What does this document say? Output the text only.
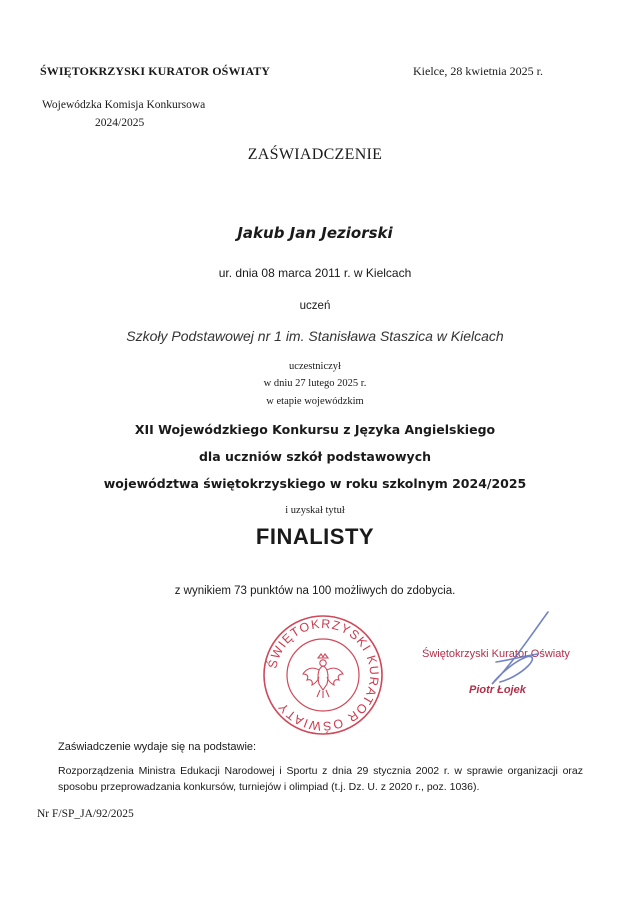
ŚWIĘTOKRZYSKI KURATOR OŚWIATY	Kielce, 28 kwietnia 2025 r.
Wojewódzka Komisja Konkursowa
2024/2025
ZAŚWIADCZENIE
Jakub Jan Jeziorski
ur. dnia 08 marca 2011 r. w Kielcach
uczeń
Szkoły Podstawowej nr 1 im. Stanisława Staszica w Kielcach
uczestniczył
w dniu 27 lutego 2025 r.
w etapie wojewódzkim
XII Wojewódzkiego Konkursu z Języka Angielskiego
dla uczniów szkół podstawowych
województwa świętokrzyskiego w roku szkolnym 2024/2025
i uzyskał tytuł
FINALISTY
z wynikiem 73 punktów na 100 możliwych do zdobycia.
ŚWIĘTOKRZYSKI KURATOR OŚWIATY
Świętokrzyski Kurator Oświaty
Piotr Łojek
Zaświadczenie wydaje się na podstawie:
Rozporządzenia Ministra Edukacji Narodowej i Sportu z dnia 29 stycznia 2002 r. w sprawie organizacji oraz sposobu przeprowadzania konkursów, turniejów i olimpiad (t.j. Dz. U. z 2020 r., poz. 1036).
Nr F/SP_JA/92/2025
